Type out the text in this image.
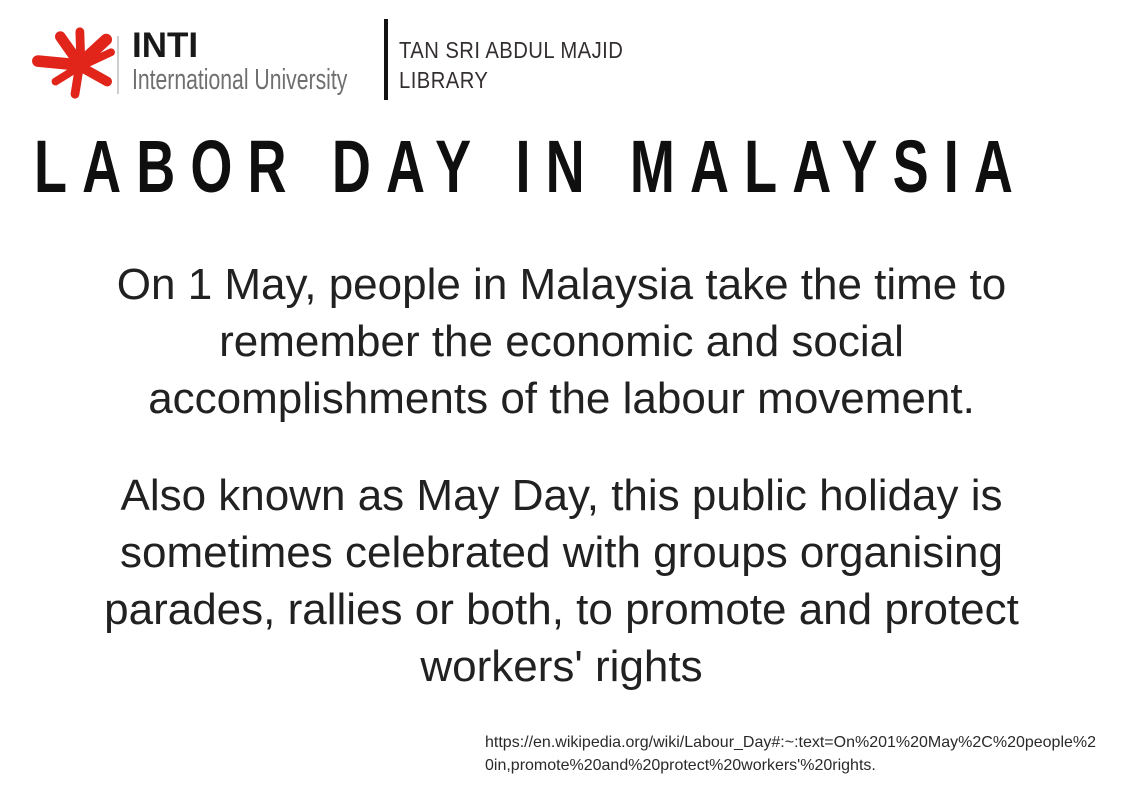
INTI
International University
TAN SRI ABDUL MAJID
LIBRARY
LABOR DAY IN MALAYSIA
On 1 May, people in Malaysia take the time to
remember the economic and social
accomplishments of the labour movement.
Also known as May Day, this public holiday is
sometimes celebrated with groups organising
parades, rallies or both, to promote and protect
workers' rights
https://en.wikipedia.org/wiki/Labour_Day#:~:text=On%201%20May%2C%20people%2
0in,promote%20and%20protect%20workers'%20rights.
